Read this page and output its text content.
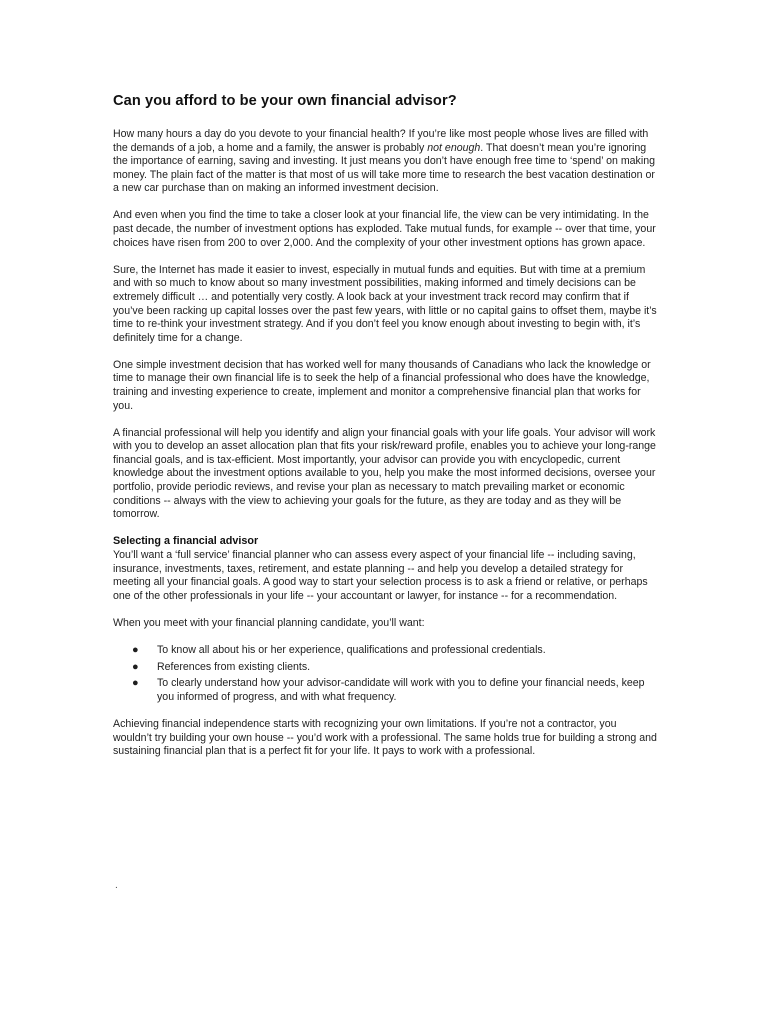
Can you afford to be your own financial advisor?

How many hours a day do you devote to your financial health? If you’re like most people whose lives are filled with the demands of a job, a home and a family, the answer is probably not enough. That doesn’t mean you’re ignoring the importance of earning, saving and investing. It just means you don’t have enough free time to ‘spend’ on making money. The plain fact of the matter is that most of us will take more time to research the best vacation destination or a new car purchase than on making an informed investment decision.

And even when you find the time to take a closer look at your financial life, the view can be very intimidating. In the past decade, the number of investment options has exploded. Take mutual funds, for example -- over that time, your choices have risen from 200 to over 2,000. And the complexity of your other investment options has grown apace.

Sure, the Internet has made it easier to invest, especially in mutual funds and equities. But with time at a premium and with so much to know about so many investment possibilities, making informed and timely decisions can be extremely difficult … and potentially very costly. A look back at your investment track record may confirm that if you’ve been racking up capital losses over the past few years, with little or no capital gains to offset them, maybe it’s time to re-think your investment strategy. And if you don’t feel you know enough about investing to begin with, it’s definitely time for a change.

One simple investment decision that has worked well for many thousands of Canadians who lack the knowledge or time to manage their own financial life is to seek the help of a financial professional who does have the knowledge, training and investing experience to create, implement and monitor a comprehensive financial plan that works for you.

A financial professional will help you identify and align your financial goals with your life goals. Your advisor will work with you to develop an asset allocation plan that fits your risk/reward profile, enables you to achieve your long-range financial goals, and is tax-efficient. Most importantly, your advisor can provide you with encyclopedic, current knowledge about the investment options available to you, help you make the most informed decisions, oversee your portfolio, provide periodic reviews, and revise your plan as necessary to match prevailing market or economic conditions -- always with the view to achieving your goals for the future, as they are today and as they will be tomorrow.

Selecting a financial advisor

You’ll want a ‘full service’ financial planner who can assess every aspect of your financial life -- including saving, insurance, investments, taxes, retirement, and estate planning -- and help you develop a detailed strategy for meeting all your financial goals. A good way to start your selection process is to ask a friend or relative, or perhaps one of the other professionals in your life -- your accountant or lawyer, for instance -- for a recommendation.

When you meet with your financial planning candidate, you’ll want:

● To know all about his or her experience, qualifications and professional credentials.
● References from existing clients.
● To clearly understand how your advisor-candidate will work with you to define your financial needs, keep you informed of progress, and with what frequency.

Achieving financial independence starts with recognizing your own limitations. If you’re not a contractor, you wouldn’t try building your own house -- you’d work with a professional. The same holds true for building a strong and sustaining financial plan that is a perfect fit for your life. It pays to work with a professional.

.
